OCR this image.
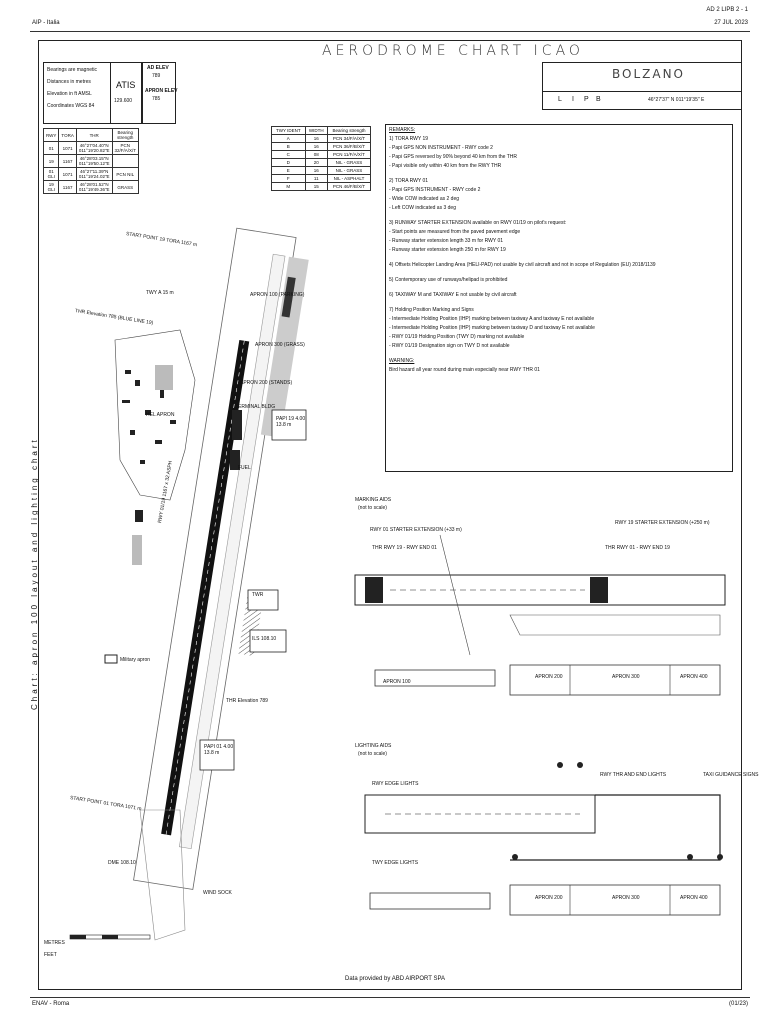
AIP - Italia
AD 2 LIPB 2 - 1
27 JUL 2023
AERODROME CHART ICAO
Bearings are magnetic
Distances in metres
Elevation in ft AMSL
Coordinates WGS 84
ATIS
129.600
AD ELEV
789
APRON ELEV
785
RWY	TORA	THR	Bearing strength
01	1071	46°27'04.40"N 011°19'20.82"E	PCN 32/F/A/X/T
19	1167	46°28'03.15"N 011°19'50.12"E	
01 GLI	1071	46°27'11.39"N 011°19'24.02"E	PCN NIL
19 GLI	1167	46°28'01.52"N 011°19'49.36"E	GRASS
BOLZANO
L I P B	46°27'37" N 011°19'35" E
TWY IDENT	WIDTH	Bearing strength
A	16	PCN 34/F/A/X/T
B	16	PCN 36/F/B/X/T
C	08	PCN 11/F/A/X/T
D	20	NIL - GRASS
E	16	NIL - GRASS
F	11	NIL - ASPHALT
M	15	PCN 46/F/B/X/T

REMARKS:

1) TORA RWY 19

- Papi GPS NON INSTRUMENT - RWY code 2

- Papi GPS reversed by 90% beyond 40 km from the THR

- Papi visible only within 40 km from the RWY THR

2) TORA RWY 01

- Papi GPS INSTRUMENT - RWY code 2

- Wide COW indicated as 2 deg

- Left COW indicated as 3 deg

3) RUNWAY STARTER EXTENSION available on RWY 01/19 on pilot's request:

- Start points are measured from the paved pavement edge

- Runway starter extension length 33 m for RWY 01

- Runway starter extension length 250 m for RWY 19

4) Offsets Helicopter Landing Area (HELI-PAD) not usable by civil aircraft and not in scope of Regulation (EU) 2018/1139

5) Contemporary use of runways/helipad is prohibited

6) TAXIWAY M and TAXIWAY E not usable by civil aircraft

7) Holding Position Marking and Signs

- Intermediate Holding Position (IHP) marking between taxiway A and taxiway E not available

- Intermediate Holding Position (IHP) marking between taxiway D and taxiway E not available

- RWY 01/19 Holding Position (TWY D) marking not available

- RWY 01/19 Designation sign on TWY D not available

WARNING:

Bird hazard all year round during main especially near RWY THR 01

Chart: apron 100 layout and lighting chart
START POINT 19 TORA 1167 m
THR Elevation 785 (BLUE LINE 19)
TWY A 15 m	APRON 100 (PARKING)
APRON 300 (GRASS)
APRON 200 (STANDS)
HEL APRON
TERMINAL BLDG
PAPI 19 4.00 13.8 m
FUEL
RWY 01/19 1167 x 32 ASPH
TWR
ILS 108.10
Military apron
THR Elevation 789
PAPI 01 4.00 13.8 m
START POINT 01 TORA 1071 m
DME 108.10
WIND SOCK
METRES
FEET
MARKING AIDS
(not to scale)
RWY 01 STARTER EXTENSION (+33 m)
RWY 19 STARTER EXTENSION (+250 m)
THR RWY 19 - RWY END 01	THR RWY 01 - RWY END 19
APRON 200	APRON 300	APRON 400
APRON 100
LIGHTING AIDS
(not to scale)
RWY EDGE LIGHTS
RWY THR AND END LIGHTS
TWY EDGE LIGHTS
APRON 200	APRON 300	APRON 400
TAXI GUIDANCE SIGNS
Data provided by ABD AIRPORT SPA
ENAV - Roma	(01/23)
